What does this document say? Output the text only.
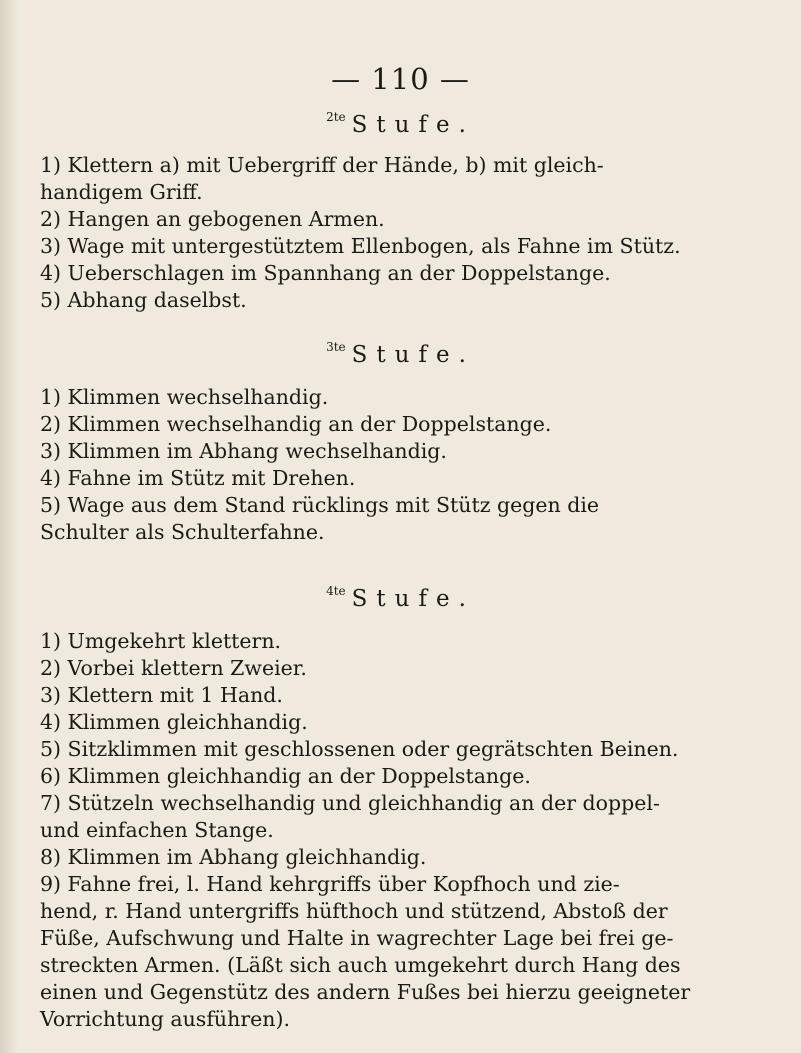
— 110 —
$^{2te}$ Stufe.
1) Klettern a) mit Uebergriff der Hände, b) mit gleich-
handigem Griff.
2) Hangen an gebogenen Armen.
3) Wage mit untergestütztem Ellenbogen, als Fahne im Stütz.
4) Ueberschlagen im Spannhang an der Doppelstange.
5) Abhang daselbst.
$^{3te}$ Stufe.
1) Klimmen wechselhandig.
2) Klimmen wechselhandig an der Doppelstange.
3) Klimmen im Abhang wechselhandig.
4) Fahne im Stütz mit Drehen.
5) Wage aus dem Stand rücklings mit Stütz gegen die
Schulter als Schulterfahne.
$^{4te}$ Stufe.
1) Umgekehrt klettern.
2) Vorbei klettern Zweier.
3) Klettern mit 1 Hand.
4) Klimmen gleichhandig.
5) Sitzklimmen mit geschlossenen oder gegrätschten Beinen.
6) Klimmen gleichhandig an der Doppelstange.
7) Stützeln wechselhandig und gleichhandig an der doppel-
und einfachen Stange.
8) Klimmen im Abhang gleichhandig.
9) Fahne frei, l. Hand kehrgriffs über Kopfhoch und zie-
hend, r. Hand untergriffs hüfthoch und stützend, Abstoß der
Füße, Aufschwung und Halte in wagrechter Lage bei frei ge-
streckten Armen. (Läßt sich auch umgekehrt durch Hang des
einen und Gegenstütz des andern Fußes bei hierzu geeigneter
Vorrichtung ausführen).
